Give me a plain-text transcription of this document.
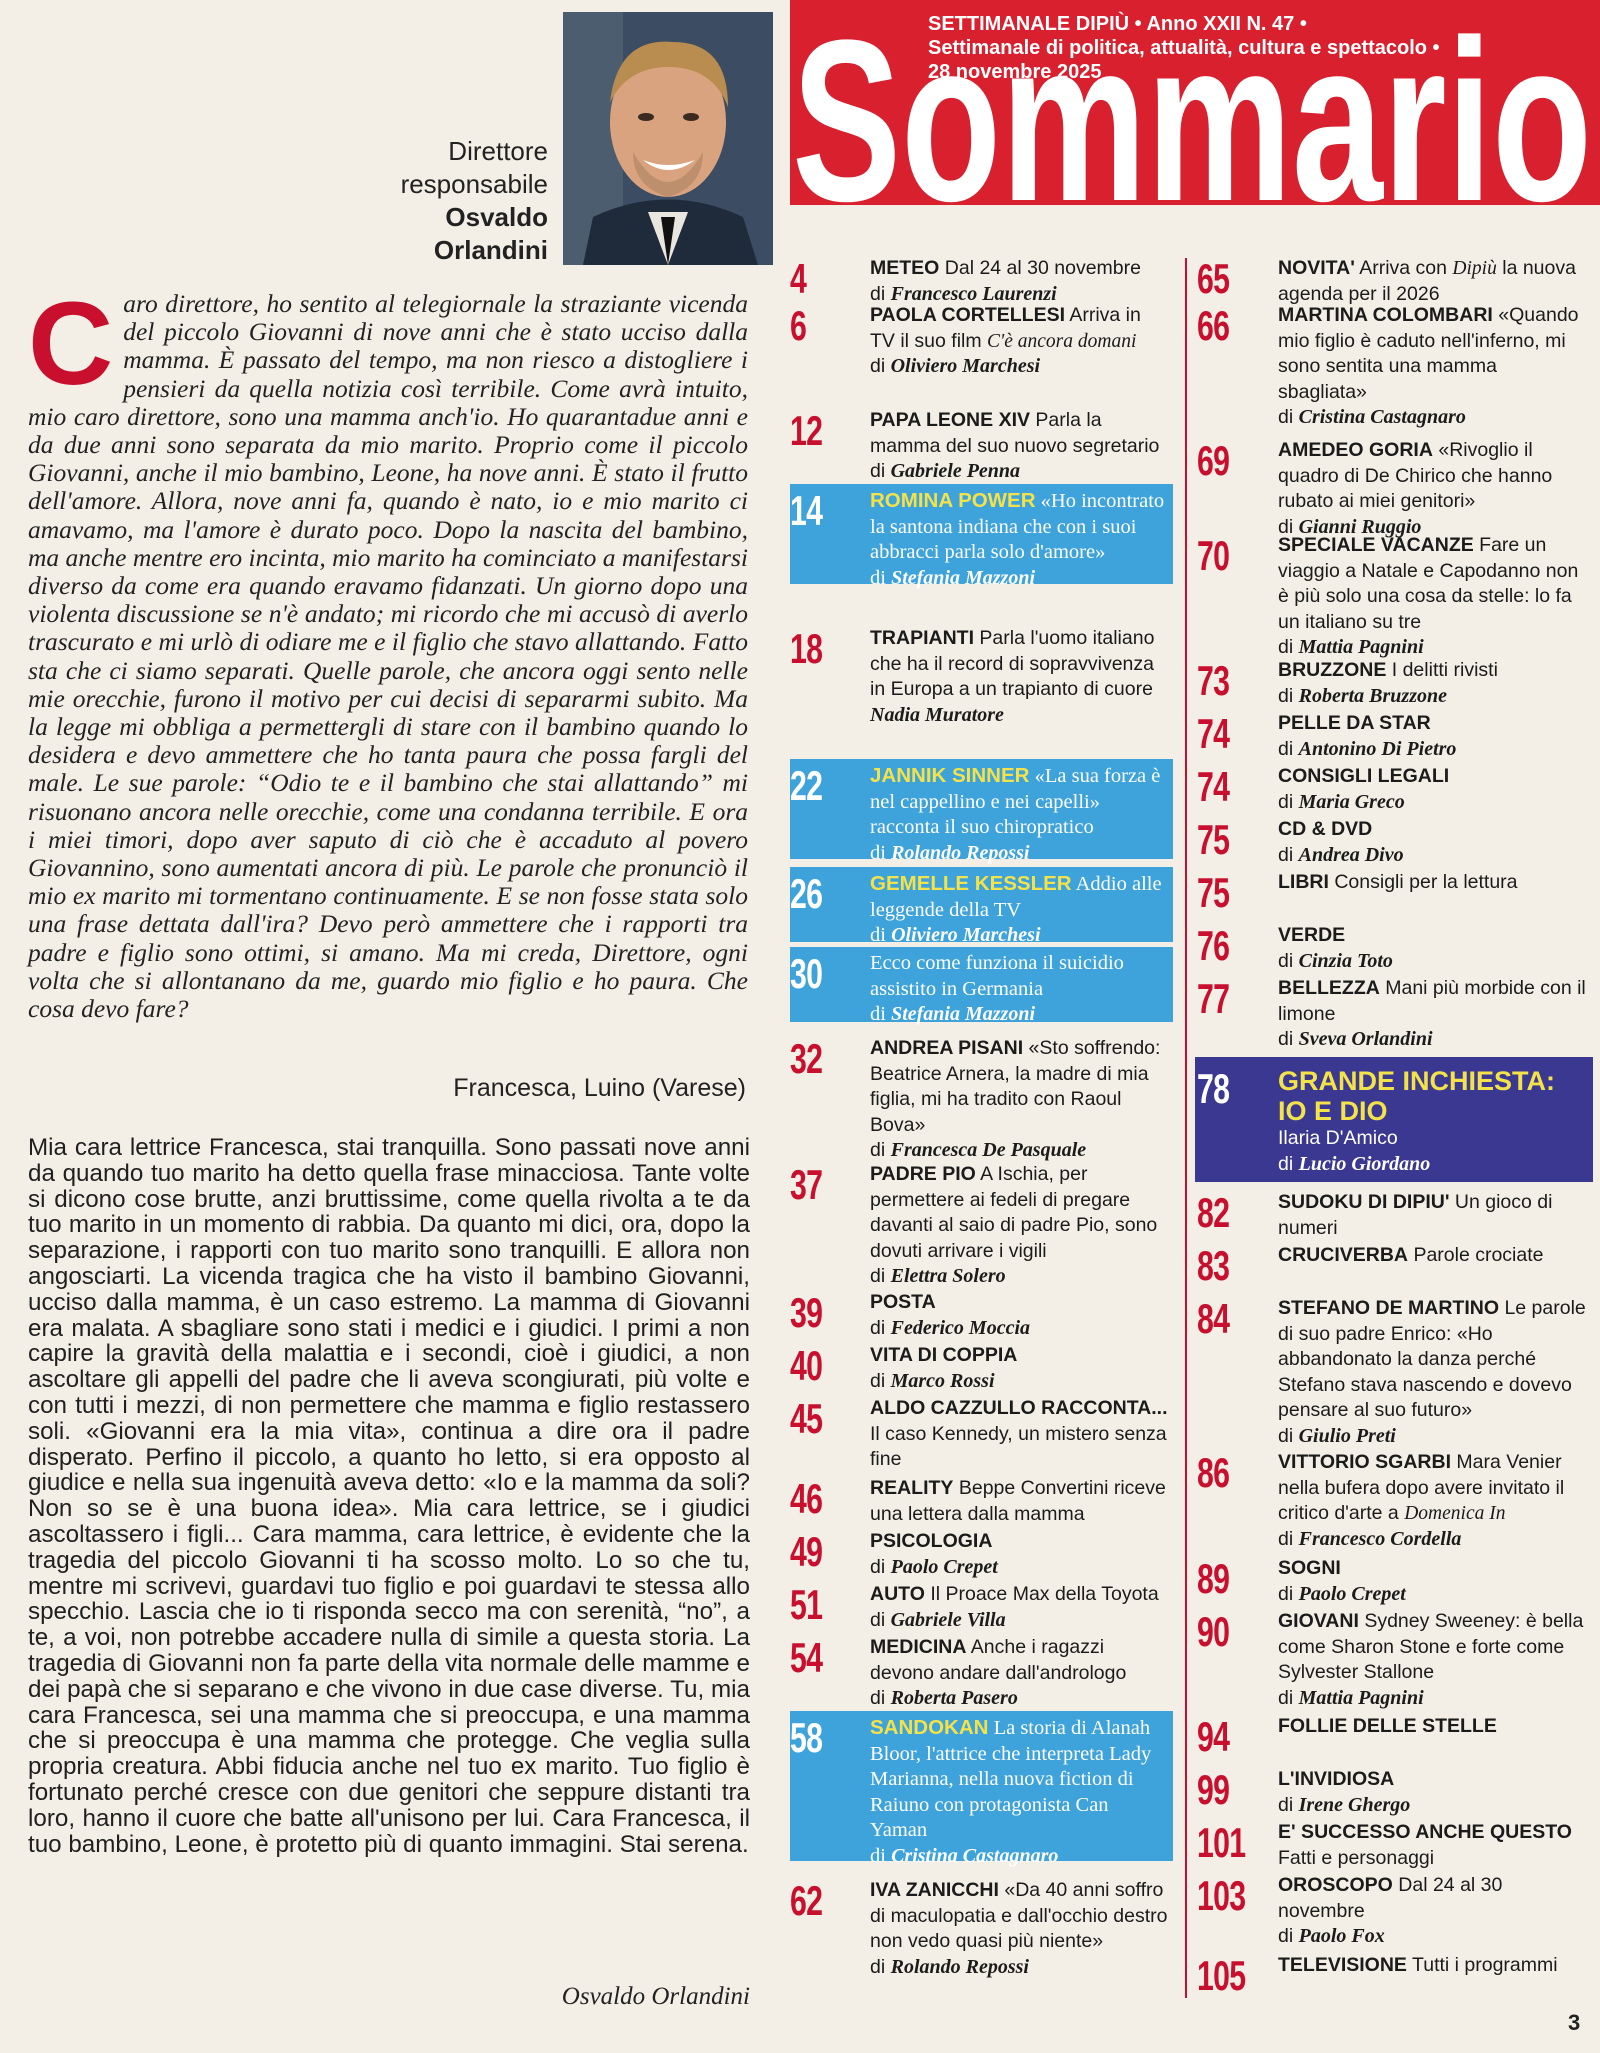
Direttore
responsabile
Osvaldo
Orlandini
Caro direttore, ho sentito al telegiornale la straziante vicenda del piccolo Giovanni di nove anni che è stato ucciso dalla mamma. È passato del tempo, ma non riesco a distogliere i pensieri da quella notizia così terribile. Come avrà intuito, mio caro direttore, sono una mamma anch'io. Ho quarantadue anni e da due anni sono separata da mio marito. Proprio come il piccolo Giovanni, anche il mio bambino, Leone, ha nove anni. È stato il frutto dell'amore. Allora, nove anni fa, quando è nato, io e mio marito ci amavamo, ma l'amore è durato poco. Dopo la nascita del bambino, ma anche mentre ero incinta, mio marito ha cominciato a manifestarsi diverso da come era quando eravamo fidanzati. Un giorno dopo una violenta discussione se n'è andato; mi ricordo che mi accusò di averlo trascurato e mi urlò di odiare me e il figlio che stavo allattando. Fatto sta che ci siamo separati. Quelle parole, che ancora oggi sento nelle mie orecchie, furono il motivo per cui decisi di separarmi subito. Ma la legge mi obbliga a permettergli di stare con il bambino quando lo desidera e devo ammettere che ho tanta paura che possa fargli del male. Le sue parole: “Odio te e il bambino che stai allattando” mi risuonano ancora nelle orecchie, come una condanna terribile. E ora i miei timori, dopo aver saputo di ciò che è accaduto al povero Giovannino, sono aumentati ancora di più. Le parole che pronunciò il mio ex marito mi tormentano continuamente. E se non fosse stata solo una frase dettata dall'ira? Devo però ammettere che i rapporti tra padre e figlio sono ottimi, si amano. Ma mi creda, Direttore, ogni volta che si allontanano da me, guardo mio figlio e ho paura. Che cosa devo fare?
Francesca, Luino (Varese)
Mia cara lettrice Francesca, stai tranquilla. Sono passati nove anni da quando tuo marito ha detto quella frase minacciosa. Tante volte si dicono cose brutte, anzi bruttissime, come quella rivolta a te da tuo marito in un momento di rabbia. Da quanto mi dici, ora, dopo la separazione, i rapporti con tuo marito sono tranquilli. E allora non angosciarti. La vicenda tragica che ha visto il bambino Giovanni, ucciso dalla mamma, è un caso estremo. La mamma di Giovanni era malata. A sbagliare sono stati i medici e i giudici. I primi a non capire la gravità della malattia e i secondi, cioè i giudici, a non ascoltare gli appelli del padre che li aveva scongiurati, più volte e con tutti i mezzi, di non permettere che mamma e figlio restassero soli. «Giovanni era la mia vita», continua a dire ora il padre disperato. Perfino il piccolo, a quanto ho letto, si era opposto al giudice e nella sua ingenuità aveva detto: «Io e la mamma da soli? Non so se è una buona idea». Mia cara lettrice, se i giudici ascoltassero i figli... Cara mamma, cara lettrice, è evidente che la tragedia del piccolo Giovanni ti ha scosso molto. Lo so che tu, mentre mi scrivevi, guardavi tuo figlio e poi guardavi te stessa allo specchio. Lascia che io ti risponda secco ma con serenità, “no”, a te, a voi, non potrebbe accadere nulla di simile a questa storia. La tragedia di Giovanni non fa parte della vita normale delle mamme e dei papà che si separano e che vivono in due case diverse. Tu, mia cara Francesca, sei una mamma che si preoccupa, e una mamma che si preoccupa è una mamma che protegge. Che veglia sulla propria creatura. Abbi fiducia anche nel tuo ex marito. Tuo figlio è fortunato perché cresce con due genitori che seppure distanti tra loro, hanno il cuore che batte all'unisono per lui. Cara Francesca, il tuo bambino, Leone, è protetto più di quanto immagini. Stai serena.
Osvaldo Orlandini
Sommario
SETTIMANALE DIPIÙ • Anno XXII N. 47 •
Settimanale di politica, attualità, cultura e spettacolo •
28 novembre 2025
4	METEO Dal 24 al 30 novembre
di Francesco Laurenzi
6	PAOLA CORTELLESI Arriva in TV il suo film C'è ancora domani
di Oliviero Marchesi
12 PAPA LEONE XIV Parla la mamma del suo nuovo segretario
di Gabriele Penna
14 ROMINA POWER «Ho incontrato la santona indiana che con i suoi abbracci parla solo d'amore»
di Stefania Mazzoni
18 TRAPIANTI Parla l'uomo italiano che ha il record di sopravvivenza in Europa a un trapianto di cuore
Nadia Muratore
22 JANNIK SINNER «La sua forza è nel cappellino e nei capelli» racconta il suo chiropratico
di Rolando Repossi
26 GEMELLE KESSLER Addio alle leggende della TV
di Oliviero Marchesi
30 Ecco come funziona il suicidio assistito in Germania
di Stefania Mazzoni
32 ANDREA PISANI «Sto soffrendo: Beatrice Arnera, la madre di mia figlia, mi ha tradito con Raoul Bova»
di Francesca De Pasquale
37 PADRE PIO A Ischia, per permettere ai fedeli di pregare davanti al saio di padre Pio, sono dovuti arrivare i vigili
di Elettra Solero
39 POSTA
di Federico Moccia
40 VITA DI COPPIA
di Marco Rossi
45 ALDO CAZZULLO RACCONTA... Il caso Kennedy, un mistero senza fine
46 REALITY Beppe Convertini riceve una lettera dalla mamma
49 PSICOLOGIA
di Paolo Crepet
51 AUTO Il Proace Max della Toyota
di Gabriele Villa
54 MEDICINA Anche i ragazzi devono andare dall'andrologo
di Roberta Pasero
58 SANDOKAN La storia di Alanah Bloor, l'attrice che interpreta Lady Marianna, nella nuova fiction di Raiuno con protagonista Can Yaman
di Cristina Castagnaro
62 IVA ZANICCHI «Da 40 anni soffro di maculopatia e dall'occhio destro non vedo quasi più niente»
di Rolando Repossi
65	NOVITA' Arriva con Dipiù la nuova agenda per il 2026
66	MARTINA COLOMBARI «Quando mio figlio è caduto nell'inferno, mi sono sentita una mamma sbagliata»
di Cristina Castagnaro
69	AMEDEO GORIA «Rivoglio il quadro di De Chirico che hanno rubato ai miei genitori»
di Gianni Ruggio
70	SPECIALE VACANZE Fare un viaggio a Natale e Capodanno non è più solo una cosa da stelle: lo fa un italiano su tre
di Mattia Pagnini
73	BRUZZONE I delitti rivisti
di Roberta Bruzzone
74	PELLE DA STAR
di Antonino Di Pietro
74	CONSIGLI LEGALI
di Maria Greco
75	CD & DVD
di Andrea Divo
75	LIBRI Consigli per la lettura
76	VERDE
di Cinzia Toto
77	BELLEZZA Mani più morbide con il limone
di Sveva Orlandini
78 GRANDE INCHIESTA: IO E DIO
Ilaria D'Amico
di Lucio Giordano
82	SUDOKU DI DIPIU' Un gioco di numeri
83	CRUCIVERBA Parole crociate
84	STEFANO DE MARTINO Le parole di suo padre Enrico: «Ho abbandonato la danza perché Stefano stava nascendo e dovevo pensare al suo futuro»
di Giulio Preti
86	VITTORIO SGARBI Mara Venier nella bufera dopo avere invitato il critico d'arte a Domenica In
di Francesco Cordella
89	SOGNI
di Paolo Crepet
90	GIOVANI Sydney Sweeney: è bella come Sharon Stone e forte come Sylvester Stallone
di Mattia Pagnini
94	FOLLIE DELLE STELLE
99	L'INVIDIOSA
di Irene Ghergo
101 E' SUCCESSO ANCHE QUESTO Fatti e personaggi
103 OROSCOPO Dal 24 al 30 novembre
di Paolo Fox
105 TELEVISIONE Tutti i programmi
3
